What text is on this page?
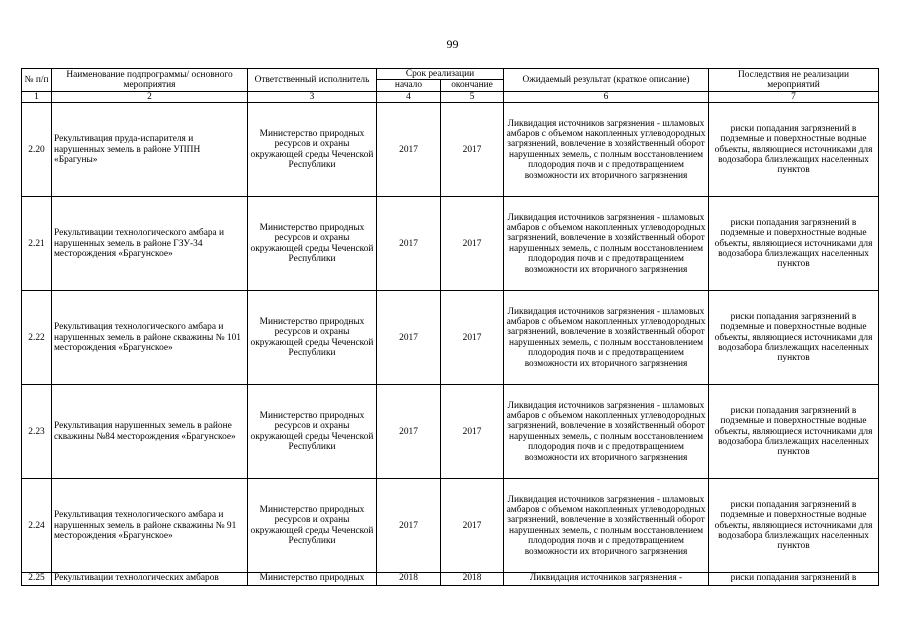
99
№ п/п	Наименование подпрограммы/ основного мероприятия	Ответственный исполнитель	Срок реализации		Ожидаемый результат (краткое описание)	Последствия не реализации мероприятий
			начало	окончание		
1	2	3	4	5	6	7
2.20	Рекультивация пруда-испарителя и нарушенных земель в районе УППН «Брагуны»	Министерство природных ресурсов и охраны окружающей среды Чеченской Республики	2017	2017	Ликвидация источников загрязнения - шламовых амбаров с объемом накопленных углеводородных загрязнений, вовлечение в хозяйственный оборот нарушенных земель, с полным восстановлением плодородия почв и с предотвращением возможности их вторичного загрязнения	риски попадания загрязнений в подземные и поверхностные водные объекты, являющиеся источниками для водозабора близлежащих населенных пунктов
2.21	Рекультивации технологического амбара и нарушенных земель в районе ГЗУ-34 месторождения «Брагунское»	Министерство природных ресурсов и охраны окружающей среды Чеченской Республики	2017	2017	Ликвидация источников загрязнения - шламовых амбаров с объемом накопленных углеводородных загрязнений, вовлечение в хозяйственный оборот нарушенных земель, с полным восстановлением плодородия почв и с предотвращением возможности их вторичного загрязнения	риски попадания загрязнений в подземные и поверхностные водные объекты, являющиеся источниками для водозабора близлежащих населенных пунктов
2.22	Рекультивация технологического амбара и нарушенных земель в районе скважины № 101 месторождения «Брагунское»	Министерство природных ресурсов и охраны окружающей среды Чеченской Республики	2017	2017	Ликвидация источников загрязнения - шламовых амбаров с объемом накопленных углеводородных загрязнений, вовлечение в хозяйственный оборот нарушенных земель, с полным восстановлением плодородия почв и с предотвращением возможности их вторичного загрязнения	риски попадания загрязнений в подземные и поверхностные водные объекты, являющиеся источниками для водозабора близлежащих населенных пунктов
2.23	Рекультивация нарушенных земель в районе скважины №84 месторождения «Брагунское»	Министерство природных ресурсов и охраны окружающей среды Чеченской Республики	2017	2017	Ликвидация источников загрязнения - шламовых амбаров с объемом накопленных углеводородных загрязнений, вовлечение в хозяйственный оборот нарушенных земель, с полным восстановлением плодородия почв и с предотвращением возможности их вторичного загрязнения	риски попадания загрязнений в подземные и поверхностные водные объекты, являющиеся источниками для водозабора близлежащих населенных пунктов
2.24	Рекультивация технологического амбара и нарушенных земель в районе скважины № 91 месторождения «Брагунское»	Министерство природных ресурсов и охраны окружающей среды Чеченской Республики	2017	2017	Ликвидация источников загрязнения - шламовых амбаров с объемом накопленных углеводородных загрязнений, вовлечение в хозяйственный оборот нарушенных земель, с полным восстановлением плодородия почв и с предотвращением возможности их вторичного загрязнения	риски попадания загрязнений в подземные и поверхностные водные объекты, являющиеся источниками для водозабора близлежащих населенных пунктов
2.25	Рекультивации технологических амбаров	Министерство природных	2018	2018	Ликвидация источников загрязнения -	риски попадания загрязнений в
